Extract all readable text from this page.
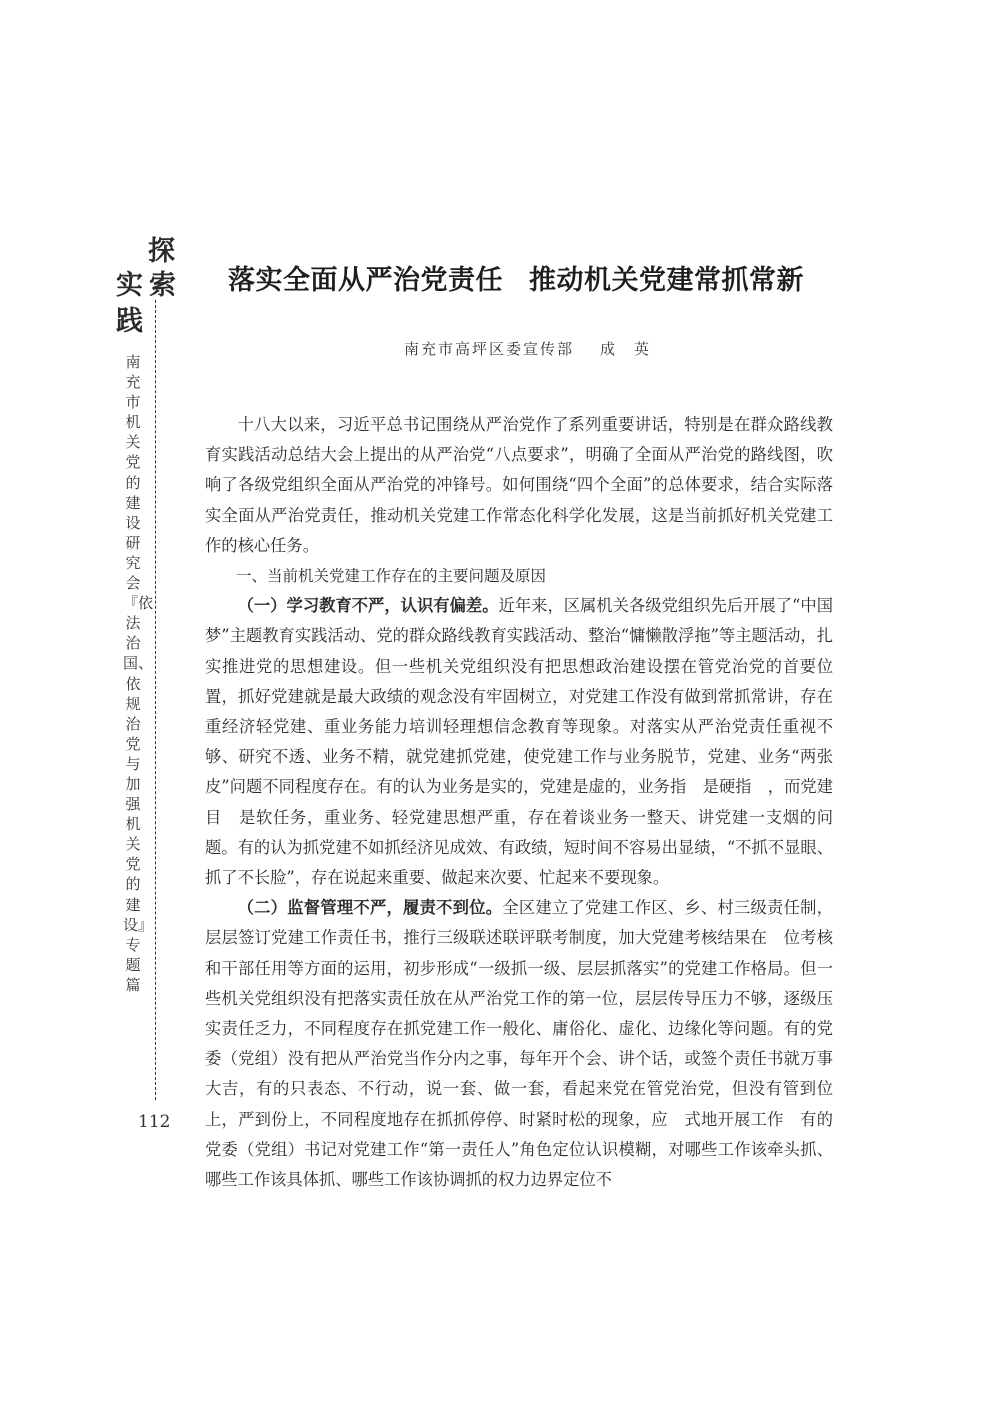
探
索
实
践
南充市机关党的建设研究会『依法治国、依规治党与加强机关党的建设』专题篇
112
落实全面从严治党责任 推动机关党建常抓常新
南充市高坪区委宣传部 成　英

十八大以来，习近平总书记围绕从严治党作了系列重要讲话，特别是在群众路线教育实践活动总结大会上提出的从严治党“八点要求”，明确了全面从严治党的路线图，吹响了各级党组织全面从严治党的冲锋号。如何围绕“四个全面”的总体要求，结合实际落实全面从严治党责任，推动机关党建工作常态化科学化发展，这是当前抓好机关党建工作的核心任务。

一、当前机关党建工作存在的主要问题及原因

（一）学习教育不严，认识有偏差。近年来，区属机关各级党组织先后开展了“中国梦”主题教育实践活动、党的群众路线教育实践活动、整治“慵懒散浮拖”等主题活动，扎实推进党的思想建设。但一些机关党组织没有把思想政治建设摆在管党治党的首要位置，抓好党建就是最大政绩的观念没有牢固树立，对党建工作没有做到常抓常讲，存在重经济轻党建、重业务能力培训轻理想信念教育等现象。对落实从严治党责任重视不够、研究不透、业务不精，就党建抓党建，使党建工作与业务脱节，党建、业务“两张皮”问题不同程度存在。有的认为业务是实的，党建是虚的，业务指　是硬指　，而党建目　是软任务，重业务、轻党建思想严重，存在着谈业务一整天、讲党建一支烟的问题。有的认为抓党建不如抓经济见成效、有政绩，短时间不容易出显绩，“不抓不显眼、抓了不长脸”，存在说起来重要、做起来次要、忙起来不要现象。

（二）监督管理不严，履责不到位。全区建立了党建工作区、乡、村三级责任制，层层签订党建工作责任书，推行三级联述联评联考制度，加大党建考核结果在　位考核和干部任用等方面的运用，初步形成“一级抓一级、层层抓落实”的党建工作格局。但一些机关党组织没有把落实责任放在从严治党工作的第一位，层层传导压力不够，逐级压实责任乏力，不同程度存在抓党建工作一般化、庸俗化、虚化、边缘化等问题。有的党委（党组）没有把从严治党当作分内之事，每年开个会、讲个话，或签个责任书就万事大吉，有的只表态、不行动，说一套、做一套，看起来党在管党治党，但没有管到位上，严到份上，不同程度地存在抓抓停停、时紧时松的现象，应　式地开展工作　有的党委（党组）书记对党建工作“第一责任人”角色定位认识模糊，对哪些工作该牵头抓、哪些工作该具体抓、哪些工作该协调抓的权力边界定位不
